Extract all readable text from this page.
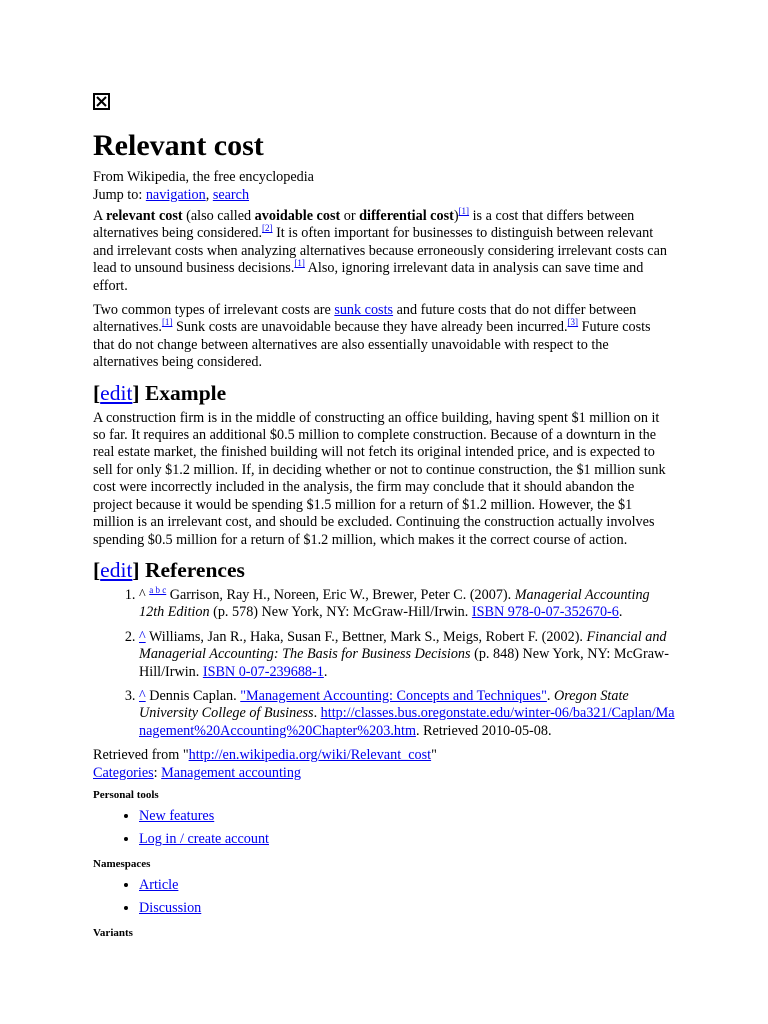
Relevant cost
From Wikipedia, the free encyclopedia
Jump to: navigation, search

A relevant cost (also called avoidable cost or differential cost)[1] is a cost that differs between alternatives being considered.[2] It is often important for businesses to distinguish between relevant and irrelevant costs when analyzing alternatives because erroneously considering irrelevant costs can lead to unsound business decisions.[1] Also, ignoring irrelevant data in analysis can save time and effort.

Two common types of irrelevant costs are sunk costs and future costs that do not differ between alternatives.[1] Sunk costs are unavoidable because they have already been incurred.[3] Future costs that do not change between alternatives are also essentially unavoidable with respect to the alternatives being considered.

[edit] Example

A construction firm is in the middle of constructing an office building, having spent $1 million on it so far. It requires an additional $0.5 million to complete construction. Because of a downturn in the real estate market, the finished building will not fetch its original intended price, and is expected to sell for only $1.2 million. If, in deciding whether or not to continue construction, the $1 million sunk cost were incorrectly included in the analysis, the firm may conclude that it should abandon the project because it would be spending $1.5 million for a return of $1.2 million. However, the $1 million is an irrelevant cost, and should be excluded. Continuing the construction actually involves spending $0.5 million for a return of $1.2 million, which makes it the correct course of action.

[edit] References
1. ^ $^{a b c}$ Garrison, Ray H., Noreen, Eric W., Brewer, Peter C. (2007). Managerial Accounting 12th Edition (p. 578) New York, NY: McGraw-Hill/Irwin. ISBN 978-0-07-352670-6.
2. ^ Williams, Jan R., Haka, Susan F., Bettner, Mark S., Meigs, Robert F. (2002). Financial and Managerial Accounting: The Basis for Business Decisions (p. 848) New York, NY: McGraw-Hill/Irwin. ISBN 0-07-239688-1.
3. ^ Dennis Caplan. "Management Accounting: Concepts and Techniques". Oregon State University College of Business. http://classes.bus.oregonstate.edu/winter-06/ba321/Caplan/Management%20Accounting%20Chapter%203.htm. Retrieved 2010-05-08.
Retrieved from "http://en.wikipedia.org/wiki/Relevant_cost"
Categories: Management accounting
Personal tools
• New features
• Log in / create account
Namespaces
• Article
• Discussion
Variants
